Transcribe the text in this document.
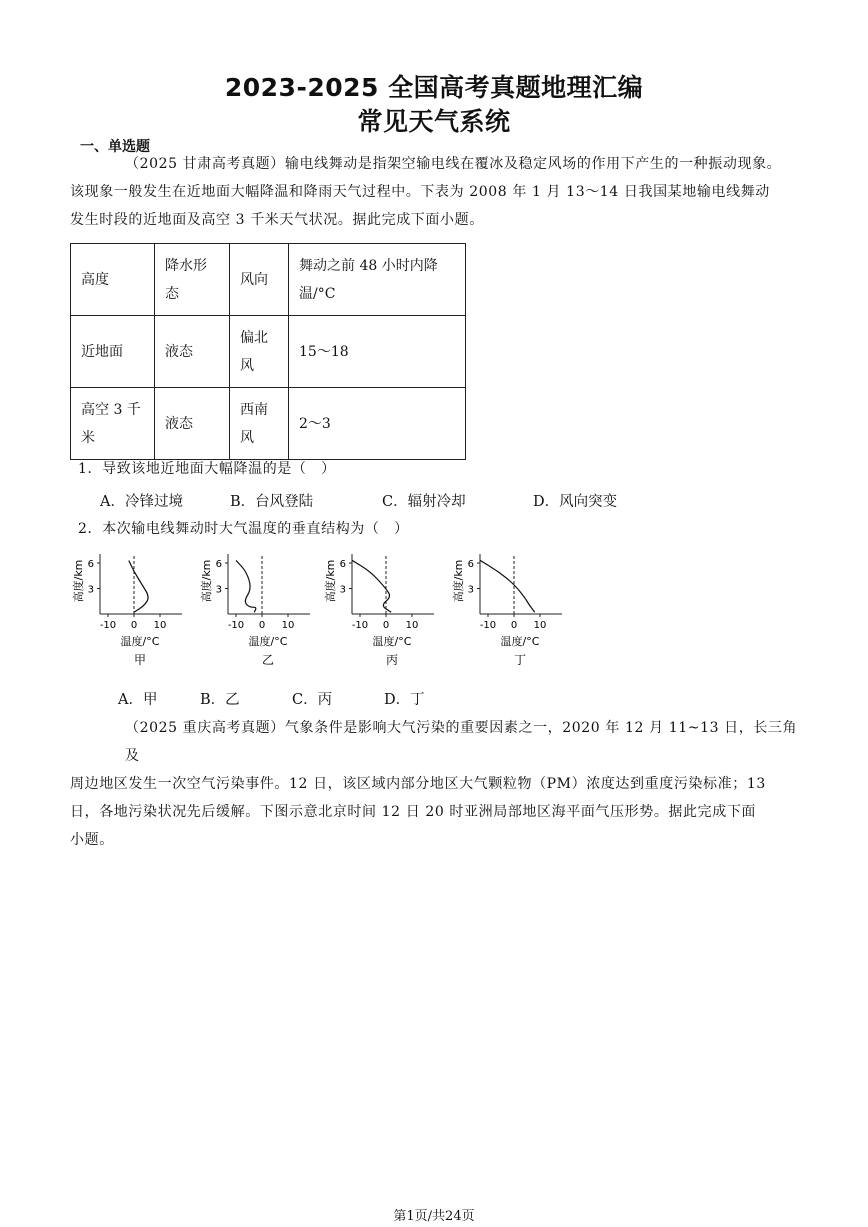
2023-2025 全国高考真题地理汇编
常见天气系统
一、单选题
（2025 甘肃高考真题）输电线舞动是指架空输电线在覆冰及稳定风场的作用下产生的一种振动现象。
该现象一般发生在近地面大幅降温和降雨天气过程中。下表为 2008 年 1 月 13～14 日我国某地输电线舞动
发生时段的近地面及高空 3 千米天气状况。据此完成下面小题。
高度	降水形态	风向	舞动之前 48 小时内降温/°C
近地面	液态	偏北风	15～18
高空 3 千米	液态	西南风	2～3
1．导致该地近地面大幅降温的是（　）
A．冷锋过境	B．台风登陆	C．辐射冷却	D．风向突变
2．本次输电线舞动时大气温度的垂直结构为（　）
3
6
-10 0 10
高度/km
温度/°C
甲
3
6
-10 0 10
高度/km
温度/°C
乙
3
6
-10 0 10
高度/km
温度/°C
丙
3
6
-10 0 10
高度/km
温度/°C
丁
A．甲	B．乙	C．丙	D．丁
（2025 重庆高考真题）气象条件是影响大气污染的重要因素之一，2020 年 12 月 11~13 日，长三角及
周边地区发生一次空气污染事件。12 日，该区域内部分地区大气颗粒物（PM）浓度达到重度污染标准；13
日，各地污染状况先后缓解。下图示意北京时间 12 日 20 时亚洲局部地区海平面气压形势。据此完成下面
小题。
第1页/共24页
